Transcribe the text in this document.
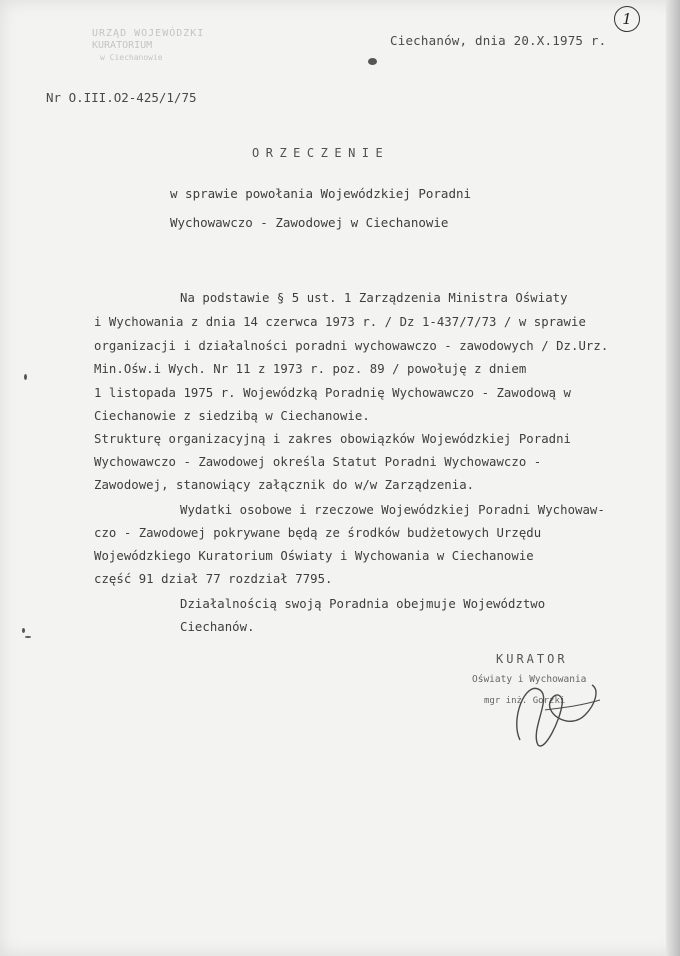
URZĄD WOJEWÓDZKI
KURATORIUM
w Ciechanowie
1
Ciechanów, dnia 20.X.1975 r.
Nr O.III.O2-425/1/75
ORZECZENIE
w sprawie powołania Wojewódzkiej Poradni
Wychowawczo - Zawodowej w Ciechanowie
Na podstawie § 5 ust. 1 Zarządzenia Ministra Oświaty
i Wychowania z dnia 14 czerwca 1973 r. / Dz 1-437/7/73 / w sprawie
organizacji i działalności poradni wychowawczo - zawodowych / Dz.Urz.
Min.Ośw.i Wych. Nr 11 z 1973 r. poz. 89 / powołuję z dniem
1 listopada 1975 r. Wojewódzką Poradnię Wychowawczo - Zawodową w
Ciechanowie z siedzibą w Ciechanowie.
Strukturę organizacyjną i zakres obowiązków Wojewódzkiej Poradni
Wychowawczo - Zawodowej określa Statut Poradni Wychowawczo -
Zawodowej, stanowiący załącznik do w/w Zarządzenia.
Wydatki osobowe i rzeczowe Wojewódzkiej Poradni Wychowaw-
czo - Zawodowej pokrywane będą ze środków budżetowych Urzędu
Wojewódzkiego Kuratorium Oświaty i Wychowania w Ciechanowie
część 91 dział 77 rozdział 7795.
Działalnością swoją Poradnia obejmuje Województwo
Ciechanów.
KURATOR
Oświaty i Wychowania
mgr inż. Gorzki
